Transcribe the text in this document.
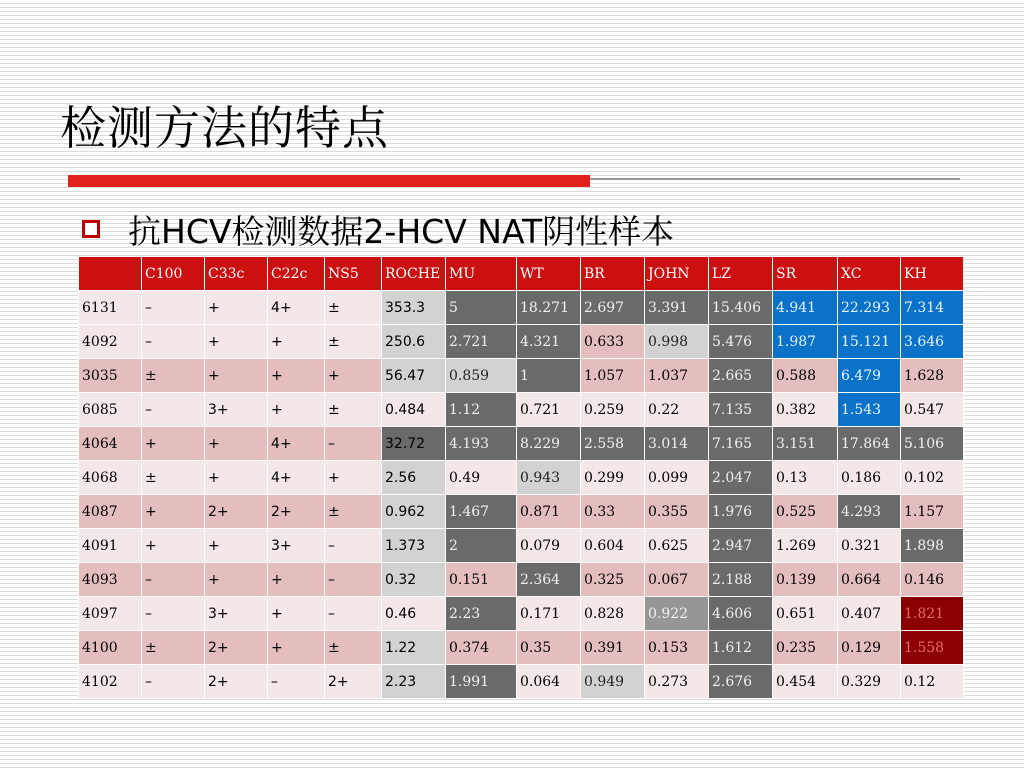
检测方法的特点
抗HCV检测数据2-HCV NAT阴性样本
	C100	C33c	C22c	NS5	ROCHE	MU	WT	BR	JOHN	LZ	SR	XC	KH
6131	–	+	4+	±	353.3	5	18.271	2.697	3.391	15.406	4.941	22.293	7.314
4092	–	+	+	±	250.6	2.721	4.321	0.633	0.998	5.476	1.987	15.121	3.646
3035	±	+	+	+	56.47	0.859	1	1.057	1.037	2.665	0.588	6.479	1.628
6085	–	3+	+	±	0.484	1.12	0.721	0.259	0.22	7.135	0.382	1.543	0.547
4064	+	+	4+	–	32.72	4.193	8.229	2.558	3.014	7.165	3.151	17.864	5.106
4068	±	+	4+	+	2.56	0.49	0.943	0.299	0.099	2.047	0.13	0.186	0.102
4087	+	2+	2+	±	0.962	1.467	0.871	0.33	0.355	1.976	0.525	4.293	1.157
4091	+	+	3+	–	1.373	2	0.079	0.604	0.625	2.947	1.269	0.321	1.898
4093	–	+	+	–	0.32	0.151	2.364	0.325	0.067	2.188	0.139	0.664	0.146
4097	–	3+	+	–	0.46	2.23	0.171	0.828	0.922	4.606	0.651	0.407	1.821
4100	±	2+	+	±	1.22	0.374	0.35	0.391	0.153	1.612	0.235	0.129	1.558
4102	–	2+	–	2+	2.23	1.991	0.064	0.949	0.273	2.676	0.454	0.329	0.12
